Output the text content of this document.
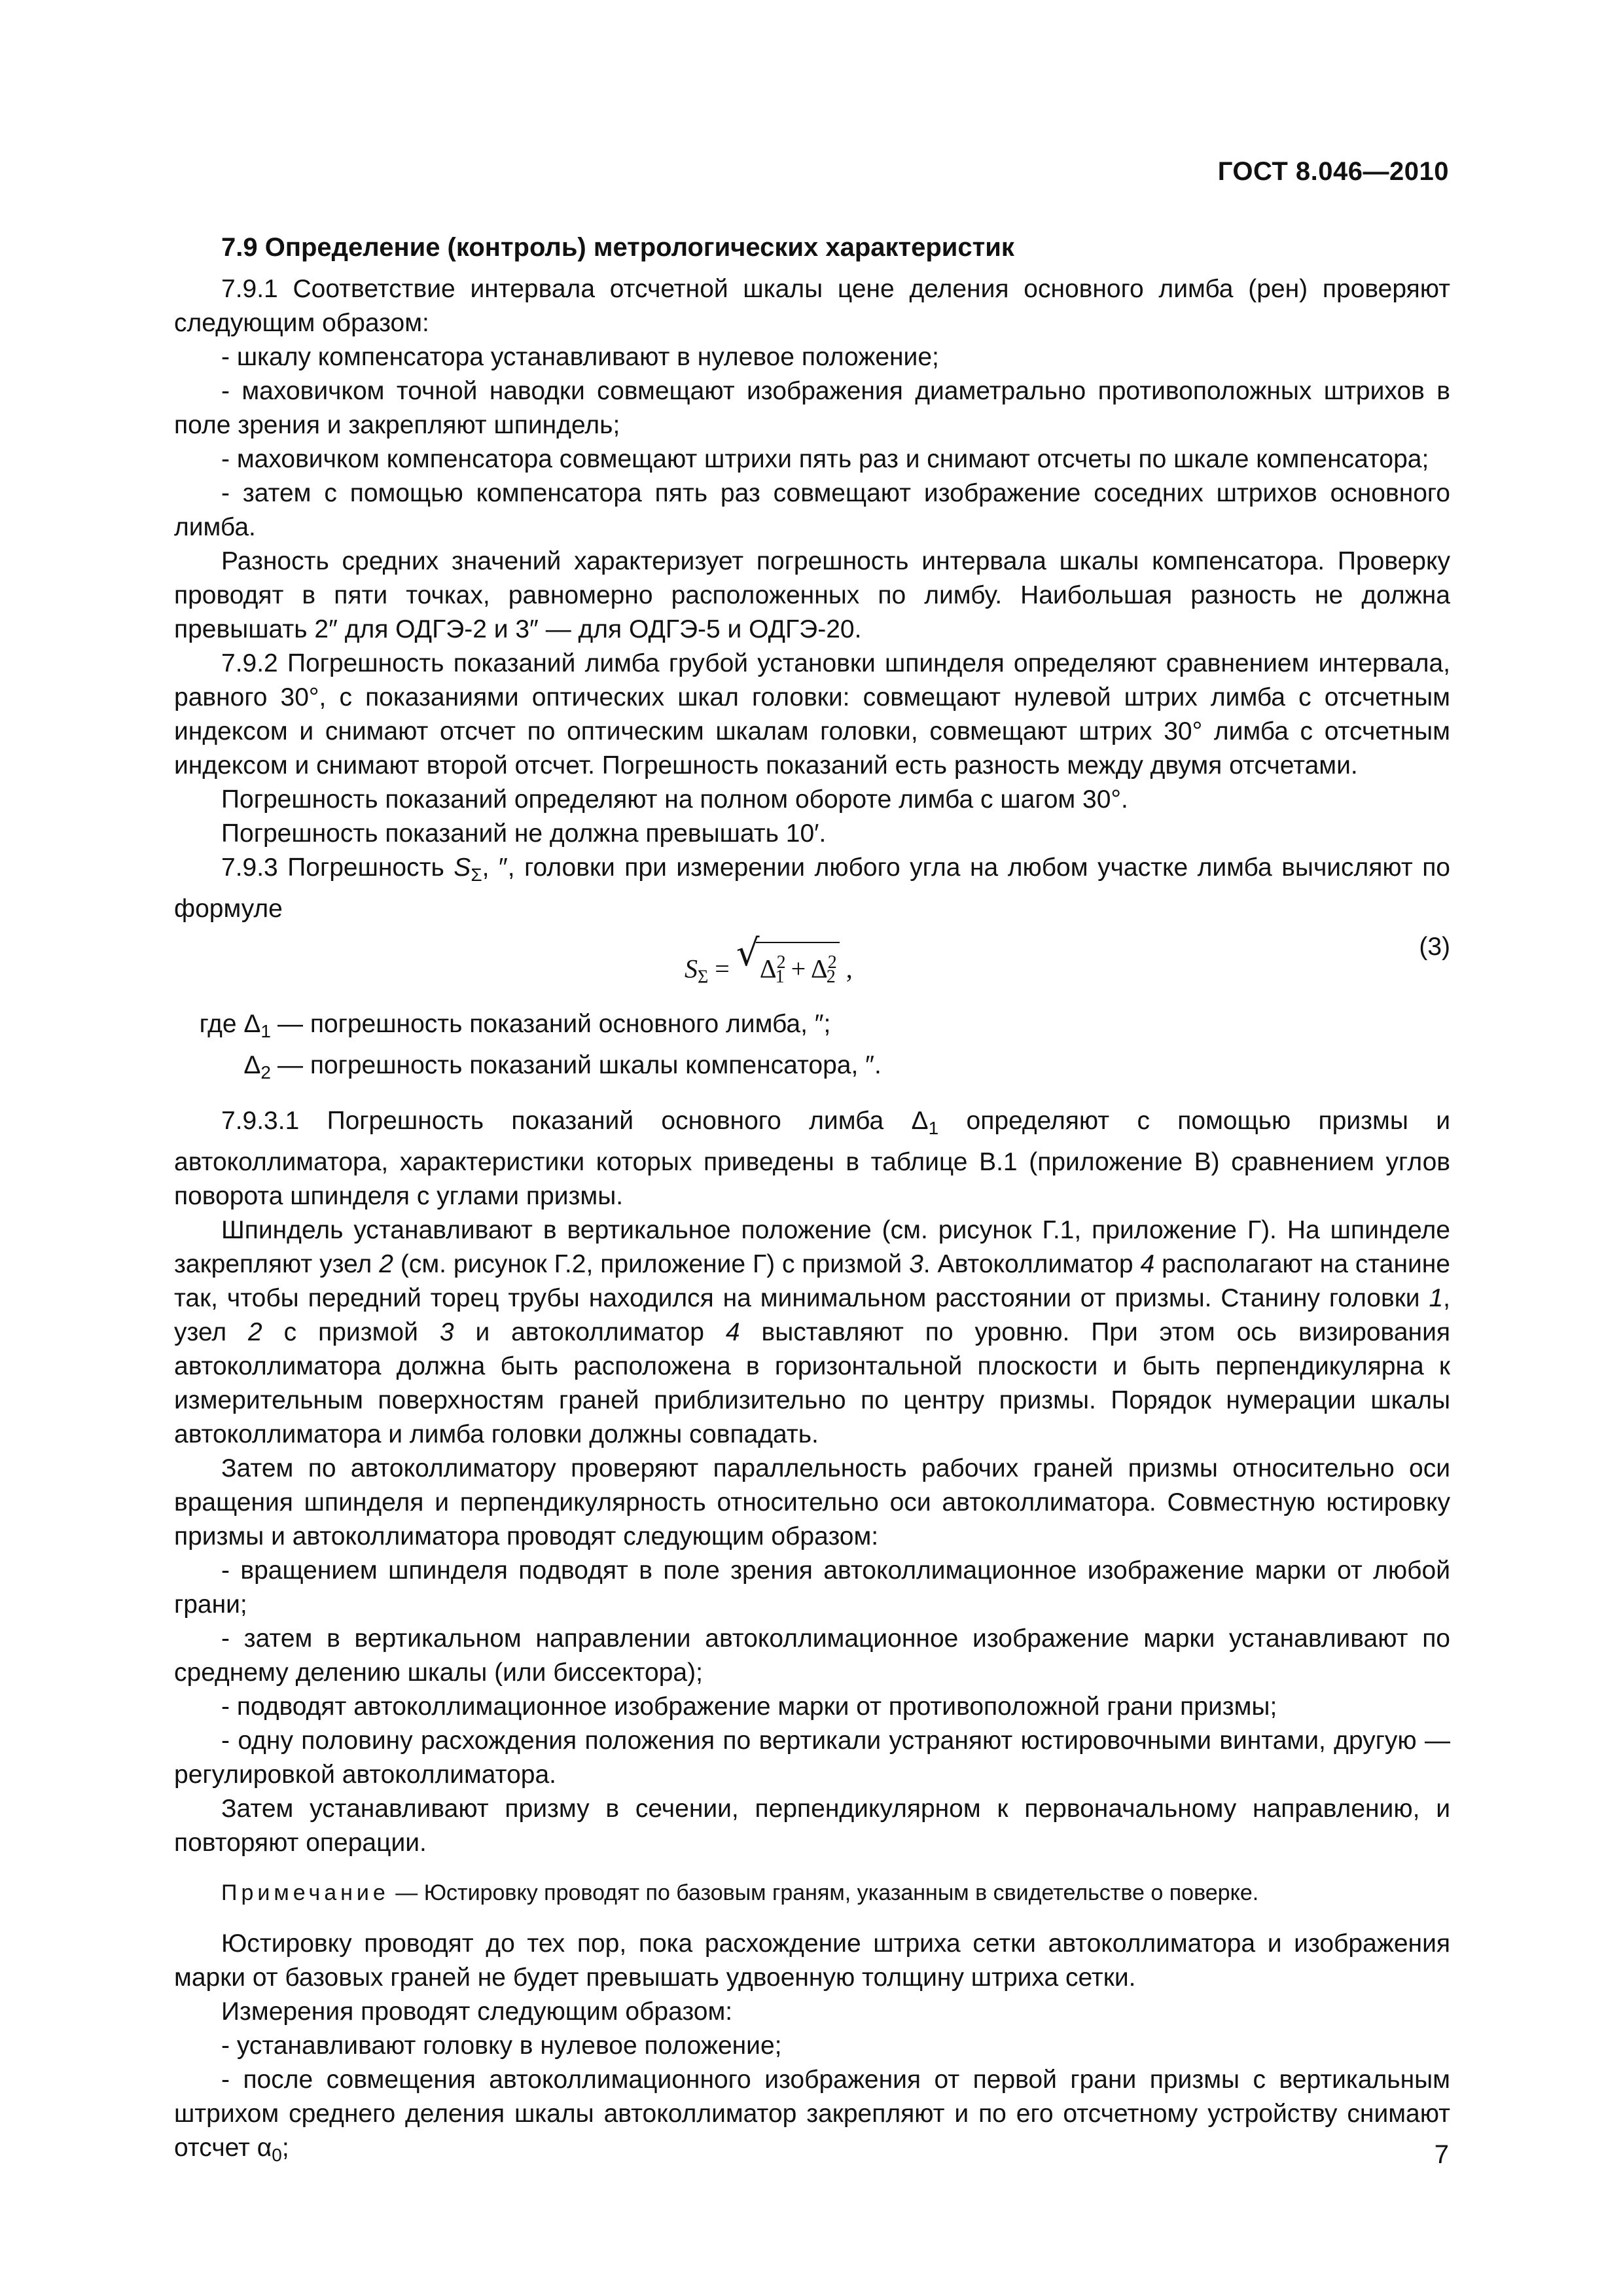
ГОСТ 8.046—2010

7.9 Определение (контроль) метрологических характеристик

7.9.1 Соответствие интервала отсчетной шкалы цене деления основного лимба (рен) проверяют следующим образом:

- шкалу компенсатора устанавливают в нулевое положение;

- маховичком точной наводки совмещают изображения диаметрально противоположных штрихов в поле зрения и закрепляют шпиндель;

- маховичком компенсатора совмещают штрихи пять раз и снимают отсчеты по шкале компенсатора;

- затем с помощью компенсатора пять раз совмещают изображение соседних штрихов основного лимба.

Разность средних значений характеризует погрешность интервала шкалы компенсатора. Проверку проводят в пяти точках, равномерно расположенных по лимбу. Наибольшая разность не должна превышать 2″ для ОДГЭ-2 и 3″ — для ОДГЭ-5 и ОДГЭ-20.

7.9.2 Погрешность показаний лимба грубой установки шпинделя определяют сравнением интервала, равного 30°, с показаниями оптических шкал головки: совмещают нулевой штрих лимба с отсчетным индексом и снимают отсчет по оптическим шкалам головки, совмещают штрих 30° лимба с отсчетным индексом и снимают второй отсчет. Погрешность показаний есть разность между двумя отсчетами.

Погрешность показаний определяют на полном обороте лимба с шагом 30°.

Погрешность показаний не должна превышать 10′.

7.9.3 Погрешность $S_\Sigma$, ″, головки при измерении любого угла на любом участке лимба вычисляют по формуле

$S_\Sigma$ = √ $\Delta^2_1 + \Delta^2_2$ ,
(3)
где $\Delta_1$ — погрешность показаний основного лимба, ″;
$\Delta_2$ — погрешность показаний шкалы компенсатора, ″.

7.9.3.1 Погрешность показаний основного лимба $\Delta_1$ определяют с помощью призмы и автоколлиматора, характеристики которых приведены в таблице В.1 (приложение В) сравнением углов поворота шпинделя с углами призмы.

Шпиндель устанавливают в вертикальное положение (см. рисунок Г.1, приложение Г). На шпинделе закрепляют узел 2 (см. рисунок Г.2, приложение Г) с призмой 3. Автоколлиматор 4 располагают на станине так, чтобы передний торец трубы находился на минимальном расстоянии от призмы. Станину головки 1, узел 2 с призмой 3 и автоколлиматор 4 выставляют по уровню. При этом ось визирования автоколлиматора должна быть расположена в горизонтальной плоскости и быть перпендикулярна к измерительным поверхностям граней приблизительно по центру призмы. Порядок нумерации шкалы автоколлиматора и лимба головки должны совпадать.

Затем по автоколлиматору проверяют параллельность рабочих граней призмы относительно оси вращения шпинделя и перпендикулярность относительно оси автоколлиматора. Совместную юстировку призмы и автоколлиматора проводят следующим образом:

- вращением шпинделя подводят в поле зрения автоколлимационное изображение марки от любой грани;

- затем в вертикальном направлении автоколлимационное изображение марки устанавливают по среднему делению шкалы (или биссектора);

- подводят автоколлимационное изображение марки от противоположной грани призмы;

- одну половину расхождения положения по вертикали устраняют юстировочными винтами, другую — регулировкой автоколлиматора.

Затем устанавливают призму в сечении, перпендикулярном к первоначальному направлению, и повторяют операции.

Примечание — Юстировку проводят по базовым граням, указанным в свидетельстве о поверке.

Юстировку проводят до тех пор, пока расхождение штриха сетки автоколлиматора и изображения марки от базовых граней не будет превышать удвоенную толщину штриха сетки.

Измерения проводят следующим образом:

- устанавливают головку в нулевое положение;

- после совмещения автоколлимационного изображения от первой грани призмы с вертикальным штрихом среднего деления шкалы автоколлиматор закрепляют и по его отсчетному устройству снимают отсчет $\alpha_0$;	7
